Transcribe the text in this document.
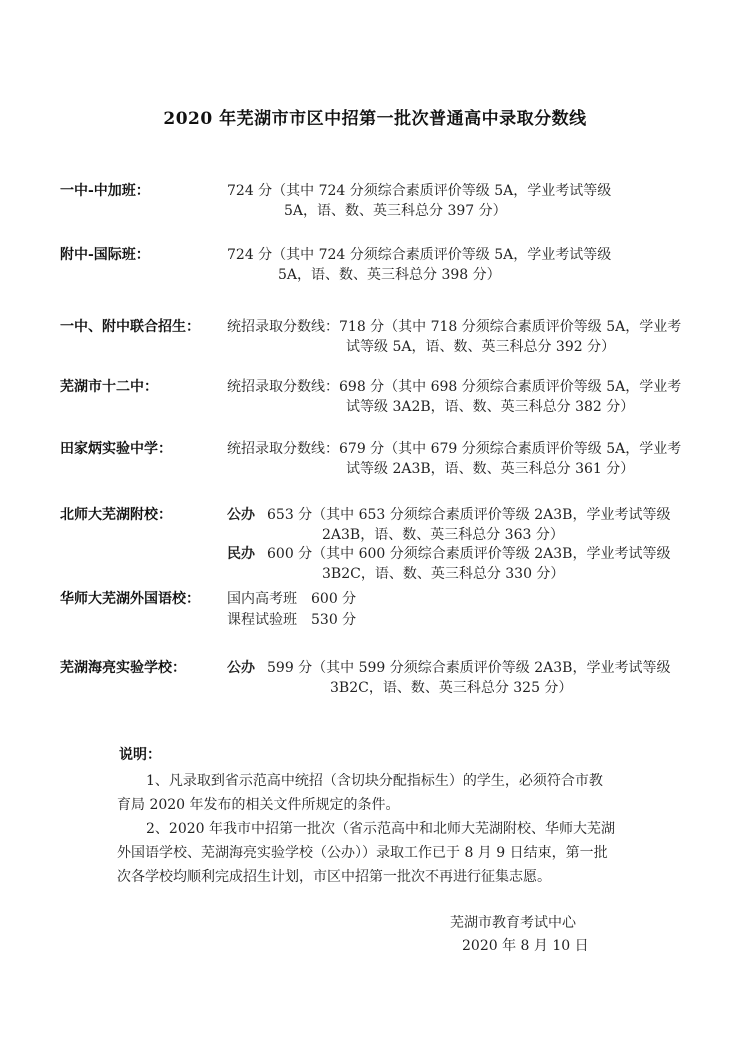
2020 年芜湖市市区中招第一批次普通高中录取分数线
一中-中加班：	724 分（其中 724 分须综合素质评价等级 5A，学业考试等级
5A，语、数、英三科总分 397 分）
附中-国际班：	724 分（其中 724 分须综合素质评价等级 5A，学业考试等级
5A，语、数、英三科总分 398 分）
一中、附中联合招生： 统招录取分数线：718 分（其中 718 分须综合素质评价等级 5A，学业考
试等级 5A，语、数、英三科总分 392 分）
芜湖市十二中：	统招录取分数线：698 分（其中 698 分须综合素质评价等级 5A，学业考
试等级 3A2B，语、数、英三科总分 382 分）
田家炳实验中学：	统招录取分数线：679 分（其中 679 分须综合素质评价等级 5A，学业考
试等级 2A3B，语、数、英三科总分 361 分）
北师大芜湖附校：	公办 653 分（其中 653 分须综合素质评价等级 2A3B，学业考试等级
2A3B，语、数、英三科总分 363 分）
民办 600 分（其中 600 分须综合素质评价等级 2A3B，学业考试等级
3B2C，语、数、英三科总分 330 分）
华师大芜湖外国语校： 国内高考班　600 分
课程试验班　530 分
芜湖海亮实验学校：	公办 599 分（其中 599 分须综合素质评价等级 2A3B，学业考试等级
3B2C，语、数、英三科总分 325 分）
说明：
1、凡录取到省示范高中统招（含切块分配指标生）的学生，必须符合市教
育局 2020 年发布的相关文件所规定的条件。
2、2020 年我市中招第一批次（省示范高中和北师大芜湖附校、华师大芜湖
外国语学校、芜湖海亮实验学校（公办））录取工作已于 8 月 9 日结束，第一批
次各学校均顺利完成招生计划，市区中招第一批次不再进行征集志愿。
芜湖市教育考试中心
2020 年 8 月 10 日
